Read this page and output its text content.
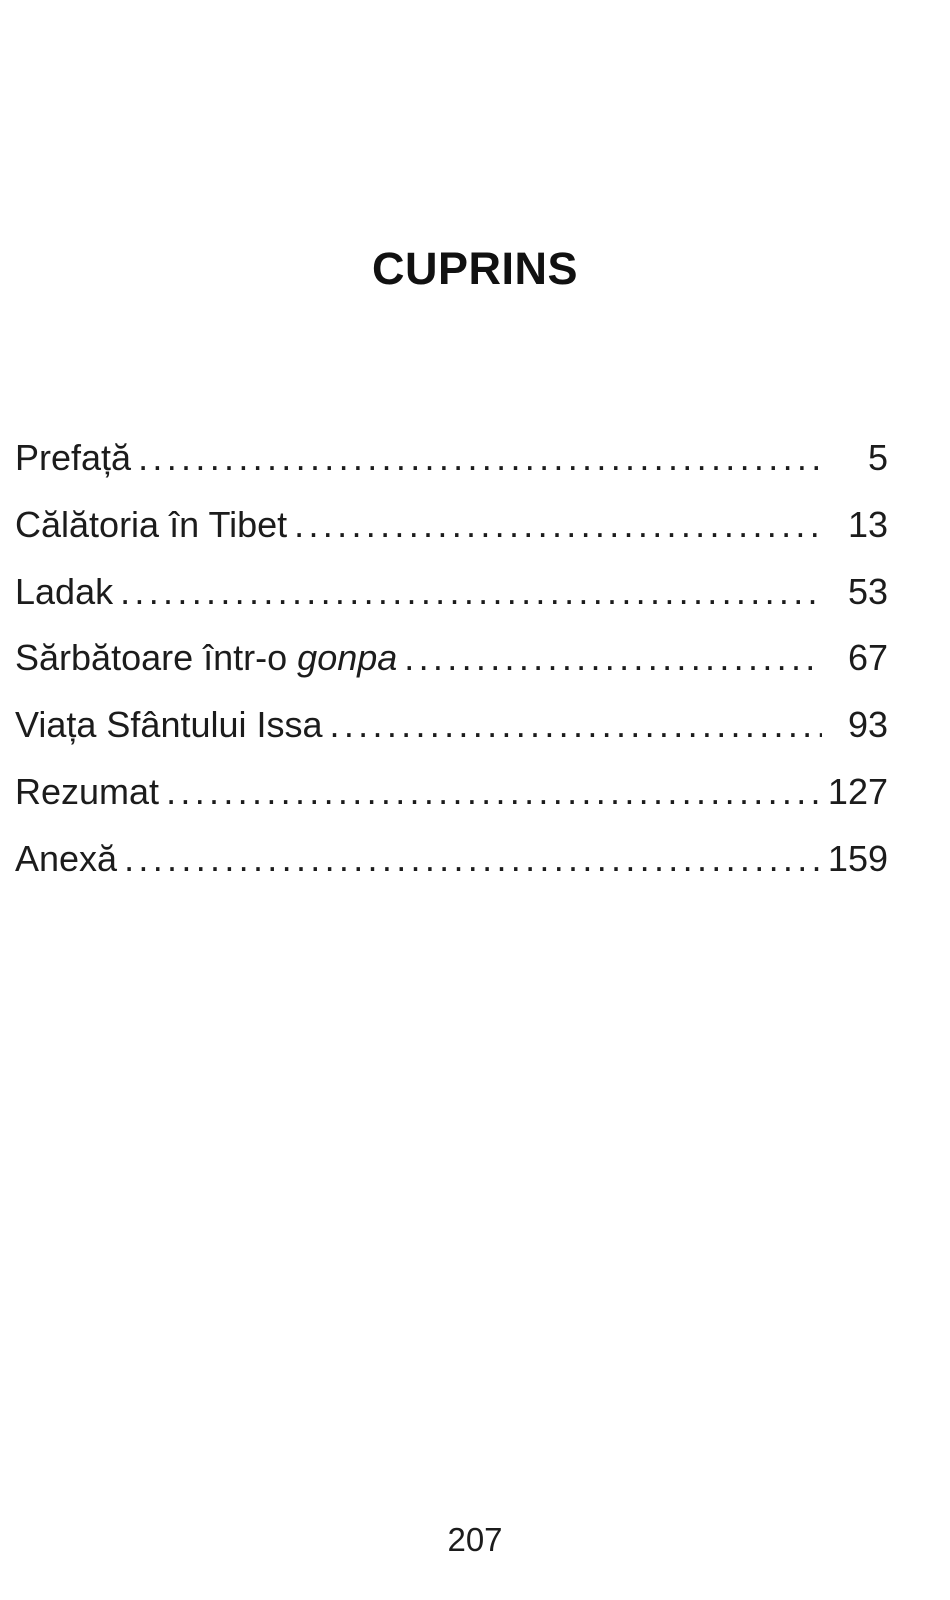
CUPRINS
Prefață .....	5
Călătoria în Tibet .....	13
Ladak .....	53
Sărbătoare într-o gonpa .....	67
Viața Sfântului Issa .....	93
Rezumat .....	127
Anexă .....	159
207
